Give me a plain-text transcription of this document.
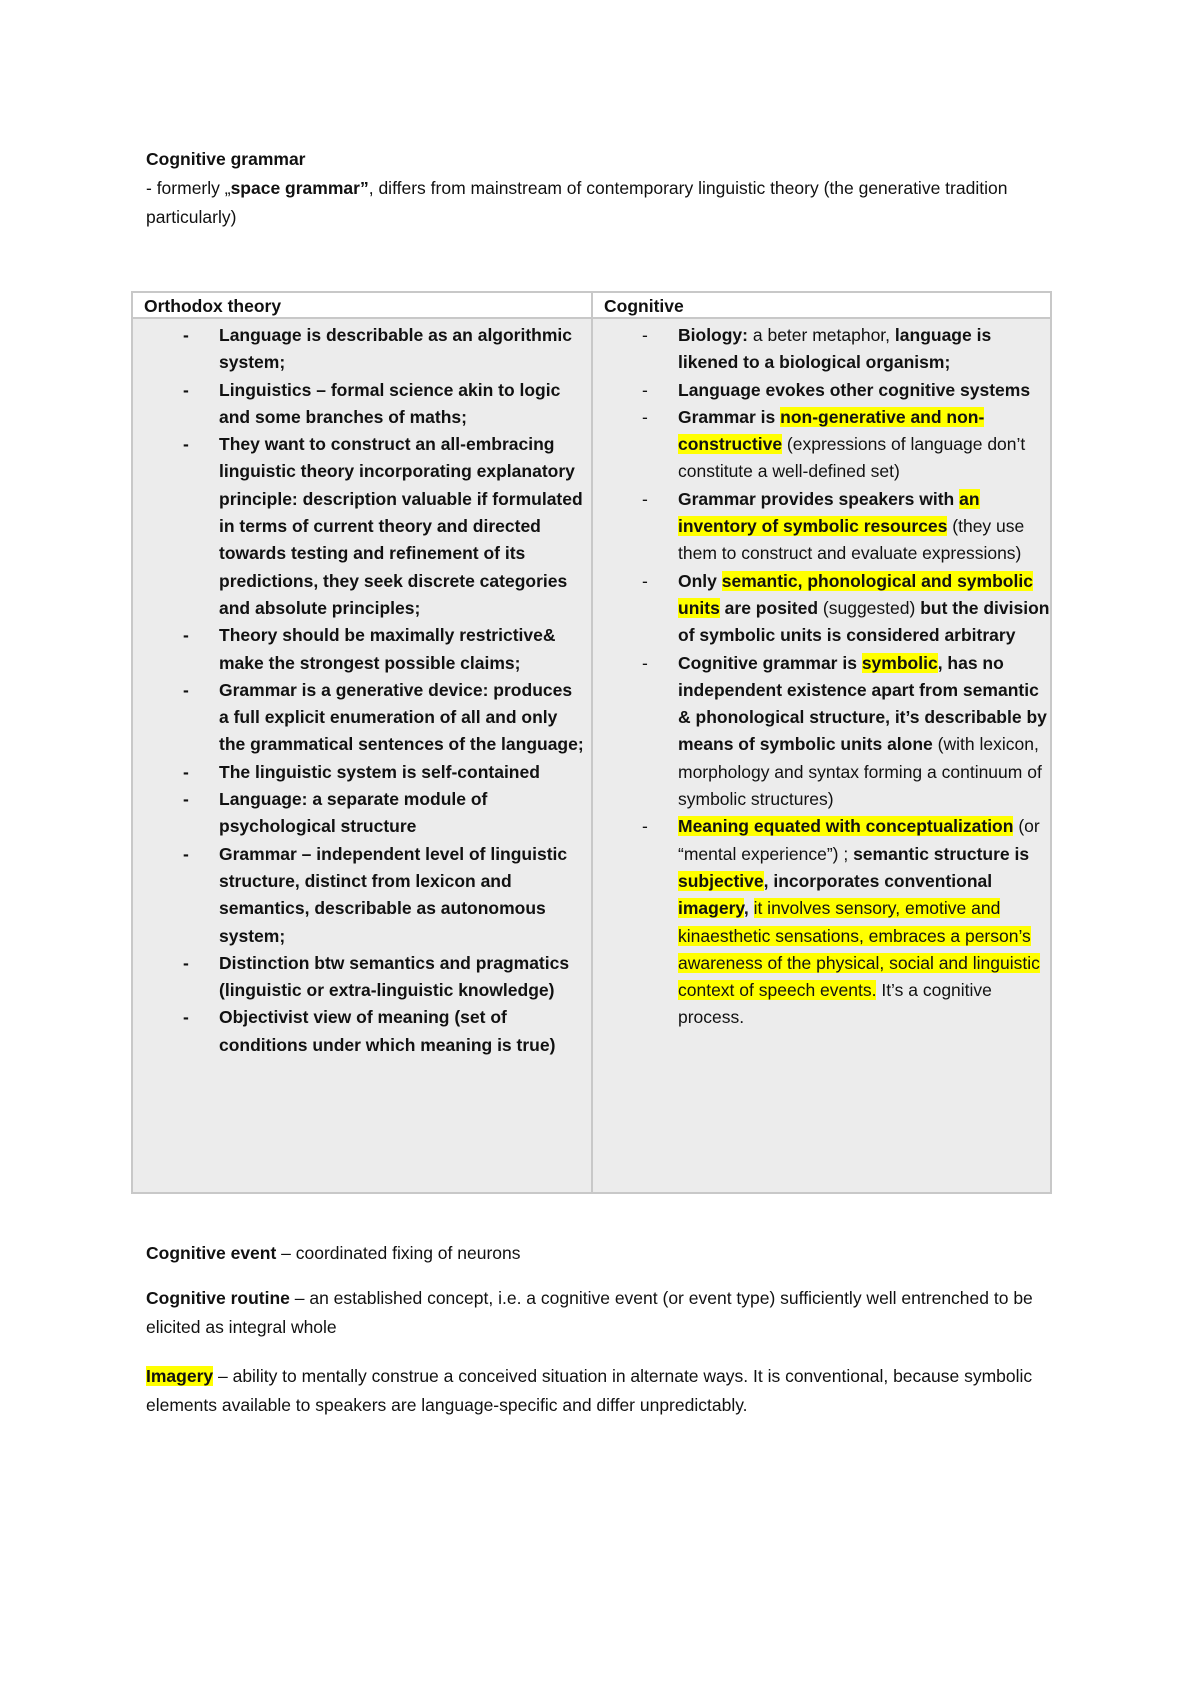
Cognitive grammar
- formerly „space grammar”, differs from mainstream of contemporary linguistic theory (the generative tradition particularly)
Orthodox theory	Cognitive
- Language is describable as an algorithmic system;
- Linguistics – formal science akin to logic and some branches of maths;
- They want to construct an all-embracing linguistic theory incorporating explanatory principle: description valuable if formulated in terms of current theory and directed towards testing and refinement of its predictions, they seek discrete categories and absolute principles;
- Theory should be maximally restrictive& make the strongest possible claims;
- Grammar is a generative device: produces a full explicit enumeration of all and only the grammatical sentences of the language;
- The linguistic system is self-contained
- Language: a separate module of psychological structure
- Grammar – independent level of linguistic structure, distinct from lexicon and semantics, describable as autonomous system;
- Distinction btw semantics and pragmatics (linguistic or extra-linguistic knowledge)
- Objectivist view of meaning (set of conditions under which meaning is true)
- Biology: a beter metaphor, language is likened to a biological organism;
- Language evokes other cognitive systems
- Grammar is non-generative and non-constructive (expressions of language don’t constitute a well-defined set)
- Grammar provides speakers with an inventory of symbolic resources (they use them to construct and evaluate expressions)
- Only semantic, phonological and symbolic units are posited (suggested) but the division of symbolic units is considered arbitrary
- Cognitive grammar is symbolic, has no independent existence apart from semantic & phonological structure, it’s describable by means of symbolic units alone (with lexicon, morphology and syntax forming a continuum of symbolic structures)
- Meaning equated with conceptualization (or “mental experience”) ; semantic structure is subjective, incorporates conventional imagery, it involves sensory, emotive and kinaesthetic sensations, embraces a person’s awareness of the physical, social and linguistic context of speech events. It’s a cognitive process.
Cognitive event – coordinated fixing of neurons
Cognitive routine – an established concept, i.e. a cognitive event (or event type) sufficiently well entrenched to be elicited as integral whole
Imagery – ability to mentally construe a conceived situation in alternate ways. It is conventional, because symbolic elements available to speakers are language-specific and differ unpredictably.
